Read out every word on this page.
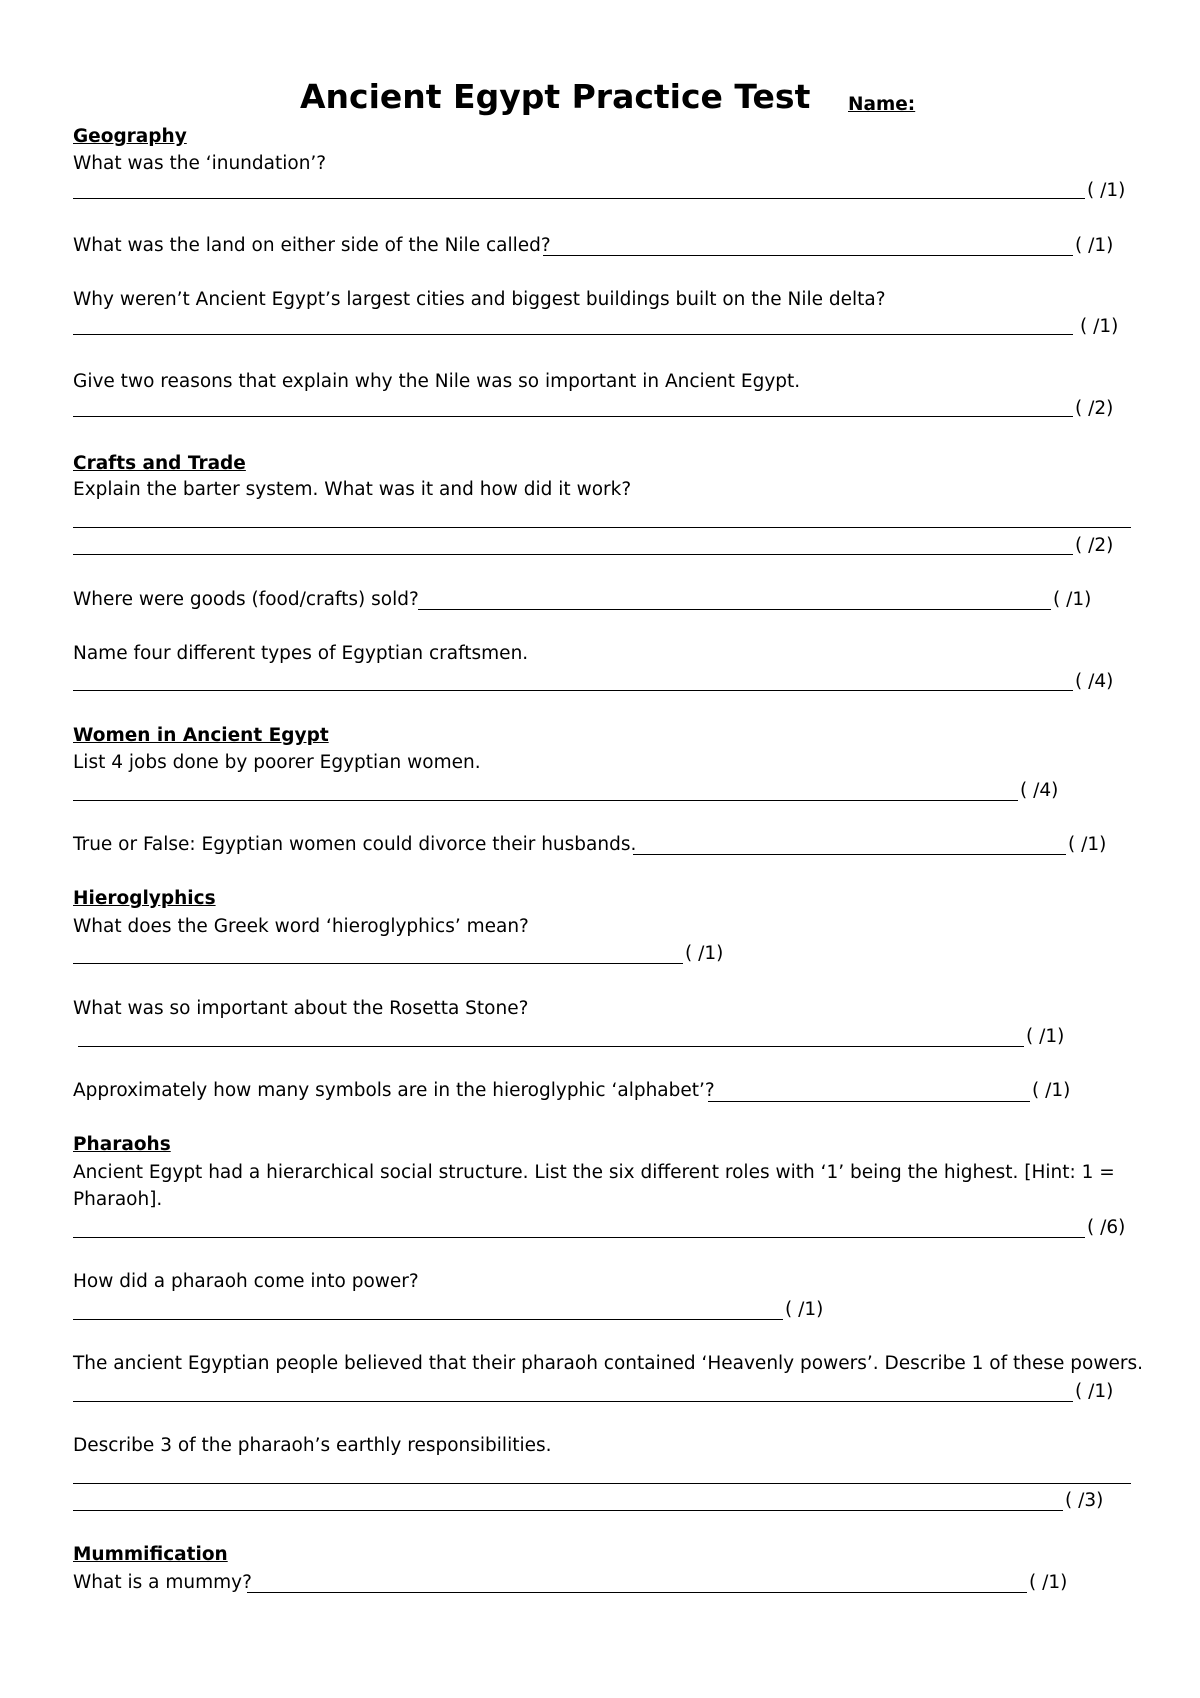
Ancient Egypt Practice Test Name:
Geography
What was the ‘inundation’?
( /1)
What was the land on either side of the Nile called?	( /1)
Why weren’t Ancient Egypt’s largest cities and biggest buildings built on the Nile delta?
( /1)
Give two reasons that explain why the Nile was so important in Ancient Egypt.
( /2)
Crafts and Trade
Explain the barter system. What was it and how did it work?
( /2)
Where were goods (food/crafts) sold?	( /1)
Name four different types of Egyptian craftsmen.
( /4)
Women in Ancient Egypt
List 4 jobs done by poorer Egyptian women.
( /4)
True or False: Egyptian women could divorce their husbands.	( /1)
Hieroglyphics
What does the Greek word ‘hieroglyphics’ mean?
( /1)
What was so important about the Rosetta Stone?
( /1)
Approximately how many symbols are in the hieroglyphic ‘alphabet’?	( /1)
Pharaohs
Ancient Egypt had a hierarchical social structure. List the six different roles with ‘1’ being the highest. [Hint: 1 =
Pharaoh].
( /6)
How did a pharaoh come into power?
( /1)
The ancient Egyptian people believed that their pharaoh contained ‘Heavenly powers’. Describe 1 of these powers.
( /1)
Describe 3 of the pharaoh’s earthly responsibilities.
( /3)
Mummification
What is a mummy?	( /1)
